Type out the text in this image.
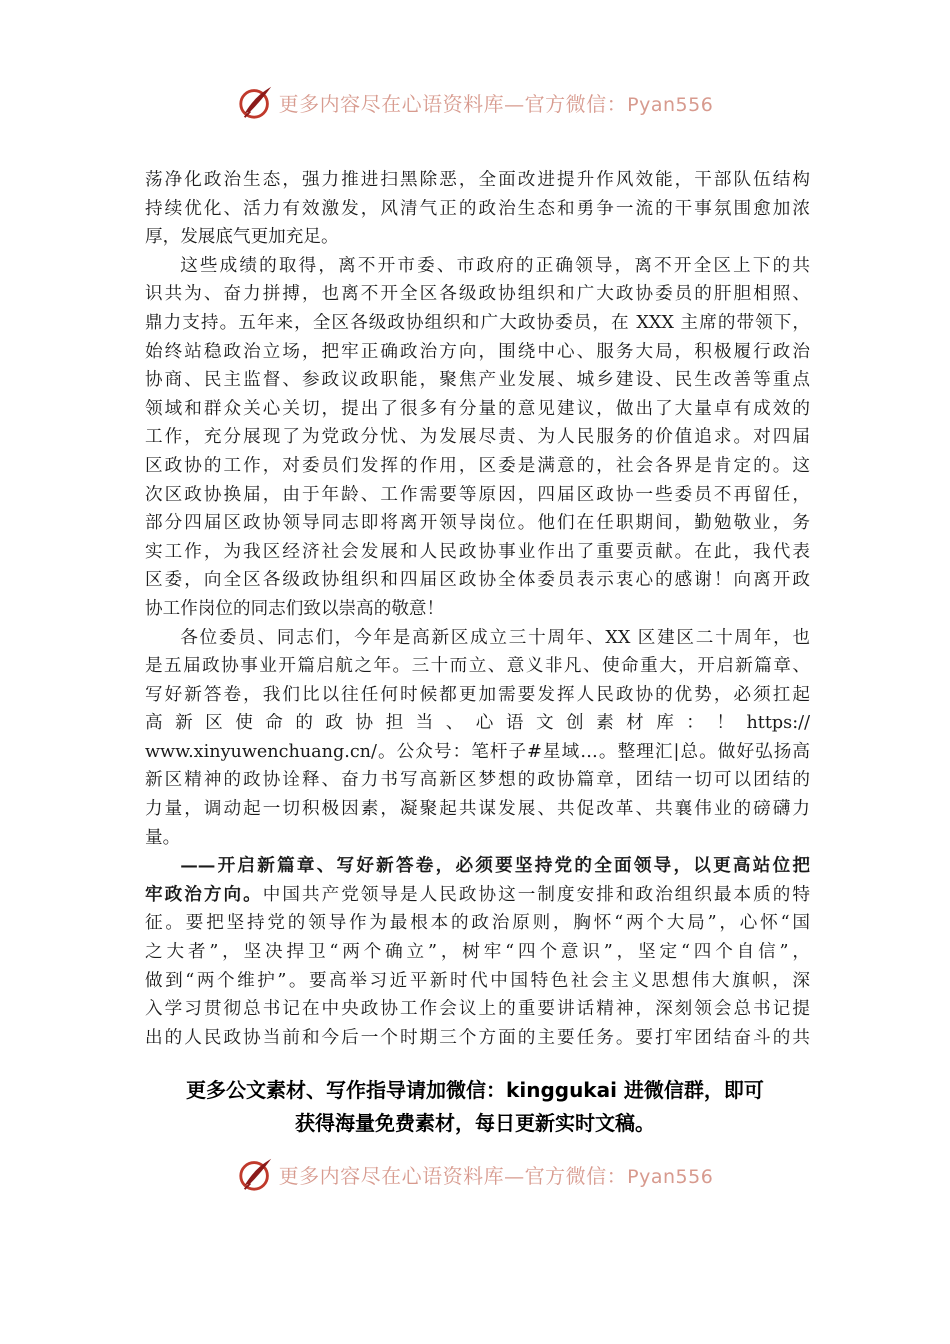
更多内容尽在心语资料库—官方微信：Pyan556

荡净化政治生态，强力推进扫黑除恶，全面改进提升作风效能，干部队伍结构

持续优化、活力有效激发，风清气正的政治生态和勇争一流的干事氛围愈加浓

厚，发展底气更加充足。

这些成绩的取得，离不开市委、市政府的正确领导，离不开全区上下的共

识共为、奋力拼搏，也离不开全区各级政协组织和广大政协委员的肝胆相照、

鼎力支持。五年来，全区各级政协组织和广大政协委员，在 XXX 主席的带领下，

始终站稳政治立场，把牢正确政治方向，围绕中心、服务大局，积极履行政治

协商、民主监督、参政议政职能，聚焦产业发展、城乡建设、民生改善等重点

领域和群众关心关切，提出了很多有分量的意见建议，做出了大量卓有成效的

工作，充分展现了为党政分忧、为发展尽责、为人民服务的价值追求。对四届

区政协的工作，对委员们发挥的作用，区委是满意的，社会各界是肯定的。这

次区政协换届，由于年龄、工作需要等原因，四届区政协一些委员不再留任，

部分四届区政协领导同志即将离开领导岗位。他们在任职期间，勤勉敬业，务

实工作，为我区经济社会发展和人民政协事业作出了重要贡献。在此，我代表

区委，向全区各级政协组织和四届区政协全体委员表示衷心的感谢！向离开政

协工作岗位的同志们致以崇高的敬意！

各位委员、同志们，今年是高新区成立三十周年、XX 区建区二十周年，也

是五届政协事业开篇启航之年。三十而立、意义非凡、使命重大，开启新篇章、

写好新答卷，我们比以往任何时候都更加需要发挥人民政协的优势，必须扛起

高 新 区 使 命 的 政 协 担 当 、 心 语 文 创 素 材 库 ： ！ https://

www.xinyuwenchuang.cn/。公众号：笔杆子#星域…。整理汇|总。做好弘扬高

新区精神的政协诠释、奋力书写高新区梦想的政协篇章，团结一切可以团结的

力量，调动起一切积极因素，凝聚起共谋发展、共促改革、共襄伟业的磅礴力

量。

——开启新篇章、写好新答卷，必须要坚持党的全面领导，以更高站位把

牢政治方向。中国共产党领导是人民政协这一制度安排和政治组织最本质的特

征。要把坚持党的领导作为最根本的政治原则，胸怀“两个大局”，心怀“国

之大者”，坚决捍卫“两个确立”，树牢“四个意识”，坚定“四个自信”，

做到“两个维护”。要高举习近平新时代中国特色社会主义思想伟大旗帜，深

入学习贯彻总书记在中央政协工作会议上的重要讲话精神，深刻领会总书记提

出的人民政协当前和今后一个时期三个方面的主要任务。要打牢团结奋斗的共

更多公文素材、写作指导请加微信：kinggukai 进微信群，即可
获得海量免费素材，每日更新实时文稿。
更多内容尽在心语资料库—官方微信：Pyan556
